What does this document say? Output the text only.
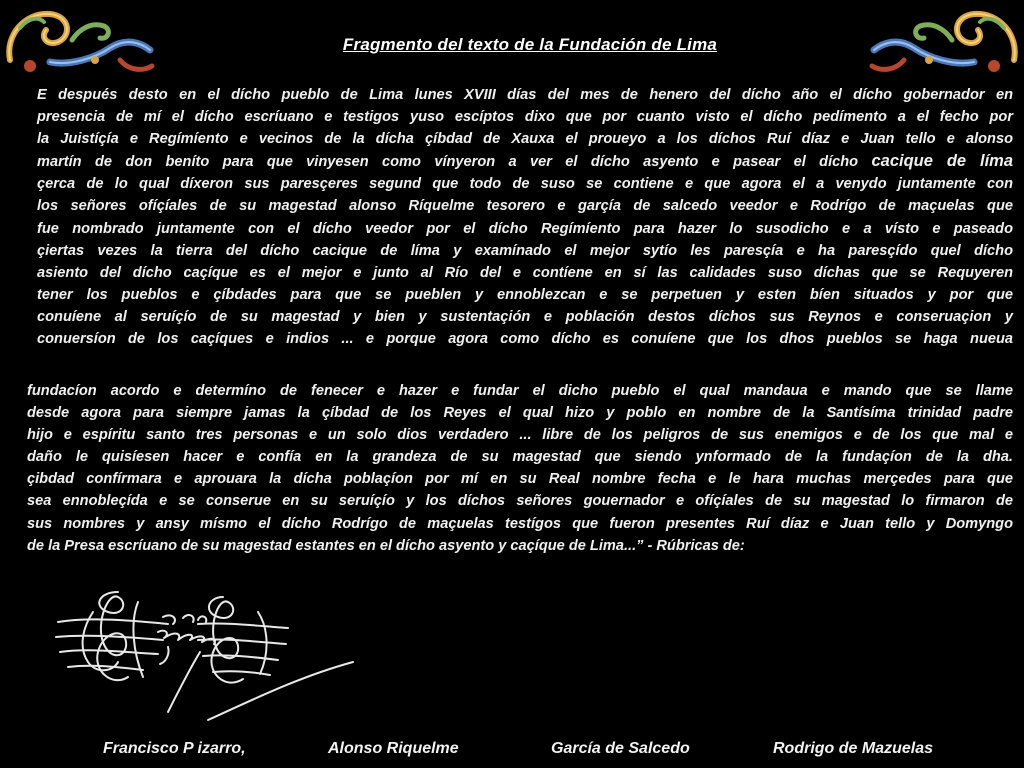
Fragmento del texto de la Fundación de Lima
E después desto en el dícho pueblo de Lima lunes XVIII días del mes de henero del dícho año el dícho gobernador en
presencia de mí el dícho escríuano e testigos yuso escíptos dixo que por cuanto visto el dícho pedímento a el fecho por
la Juistíçía e Regímíento e vecinos de la dícha çíbdad de Xauxa el proueyo a los díchos Ruí díaz e Juan tello e alonso
martín de don beníto para que vinyesen como vínyeron a ver el dícho asyento e pasear el dícho cacique de líma
çerca de lo qual díxeron sus paresçeres segund que todo de suso se contiene e que agora el a venydo juntamente con
los señores ofíçíales de su magestad alonso Ríquelme tesorero e garçía de salcedo veedor e Rodrígo de maçuelas que
fue nombrado juntamente con el dícho veedor por el dícho Regímíento para hazer lo susodicho e a vísto e paseado
çiertas vezes la tierra del dícho cacique de líma y examínado el mejor sytío les paresçía e ha paresçído quel dícho
asiento del dícho caçíque es el mejor e junto al Río del e contíene en sí las calidades suso díchas que se Requyeren
tener los pueblos e çíbdades para que se pueblen y ennoblezcan e se perpetuen y esten bíen situados y por que
conuíene al seruíçío de su magestad y bien y sustentaçión e población destos díchos sus Reynos e conseruaçion y
conuersíon de los caçíques e indios ... e porque agora como dícho es conuíene que los dhos pueblos se haga nueua
fundacíon acordo e determíno de fenecer e hazer e fundar el dicho pueblo el qual mandaua e mando que se llame
desde agora para siempre jamas la çíbdad de los Reyes el qual hizo y poblo en nombre de la Santísíma trinidad padre
hijo e espíritu santo tres personas e un solo dios verdadero ... libre de los peligros de sus enemigos e de los que mal e
daño le quisíesen hacer e confía en la grandeza de su magestad que siendo ynformado de la fundaçíon de la dha.
çibdad confírmara e aprouara la dícha poblaçíon por mí en su Real nombre fecha e le hara muchas merçedes para que
sea ennobleçída e se conserue en su seruíçío y los díchos señores gouernador e ofíçíales de su magestad lo firmaron de
sus nombres y ansy mísmo el dícho Rodrígo de maçuelas testígos que fueron presentes Ruí díaz e Juan tello y Domyngo
de la Presa escríuano de su magestad estantes en el dícho asyento y caçíque de Lima...” - Rúbricas de:
Francisco P izarro,	Alonso Riquelme	García de Salcedo	Rodrigo de Mazuelas
